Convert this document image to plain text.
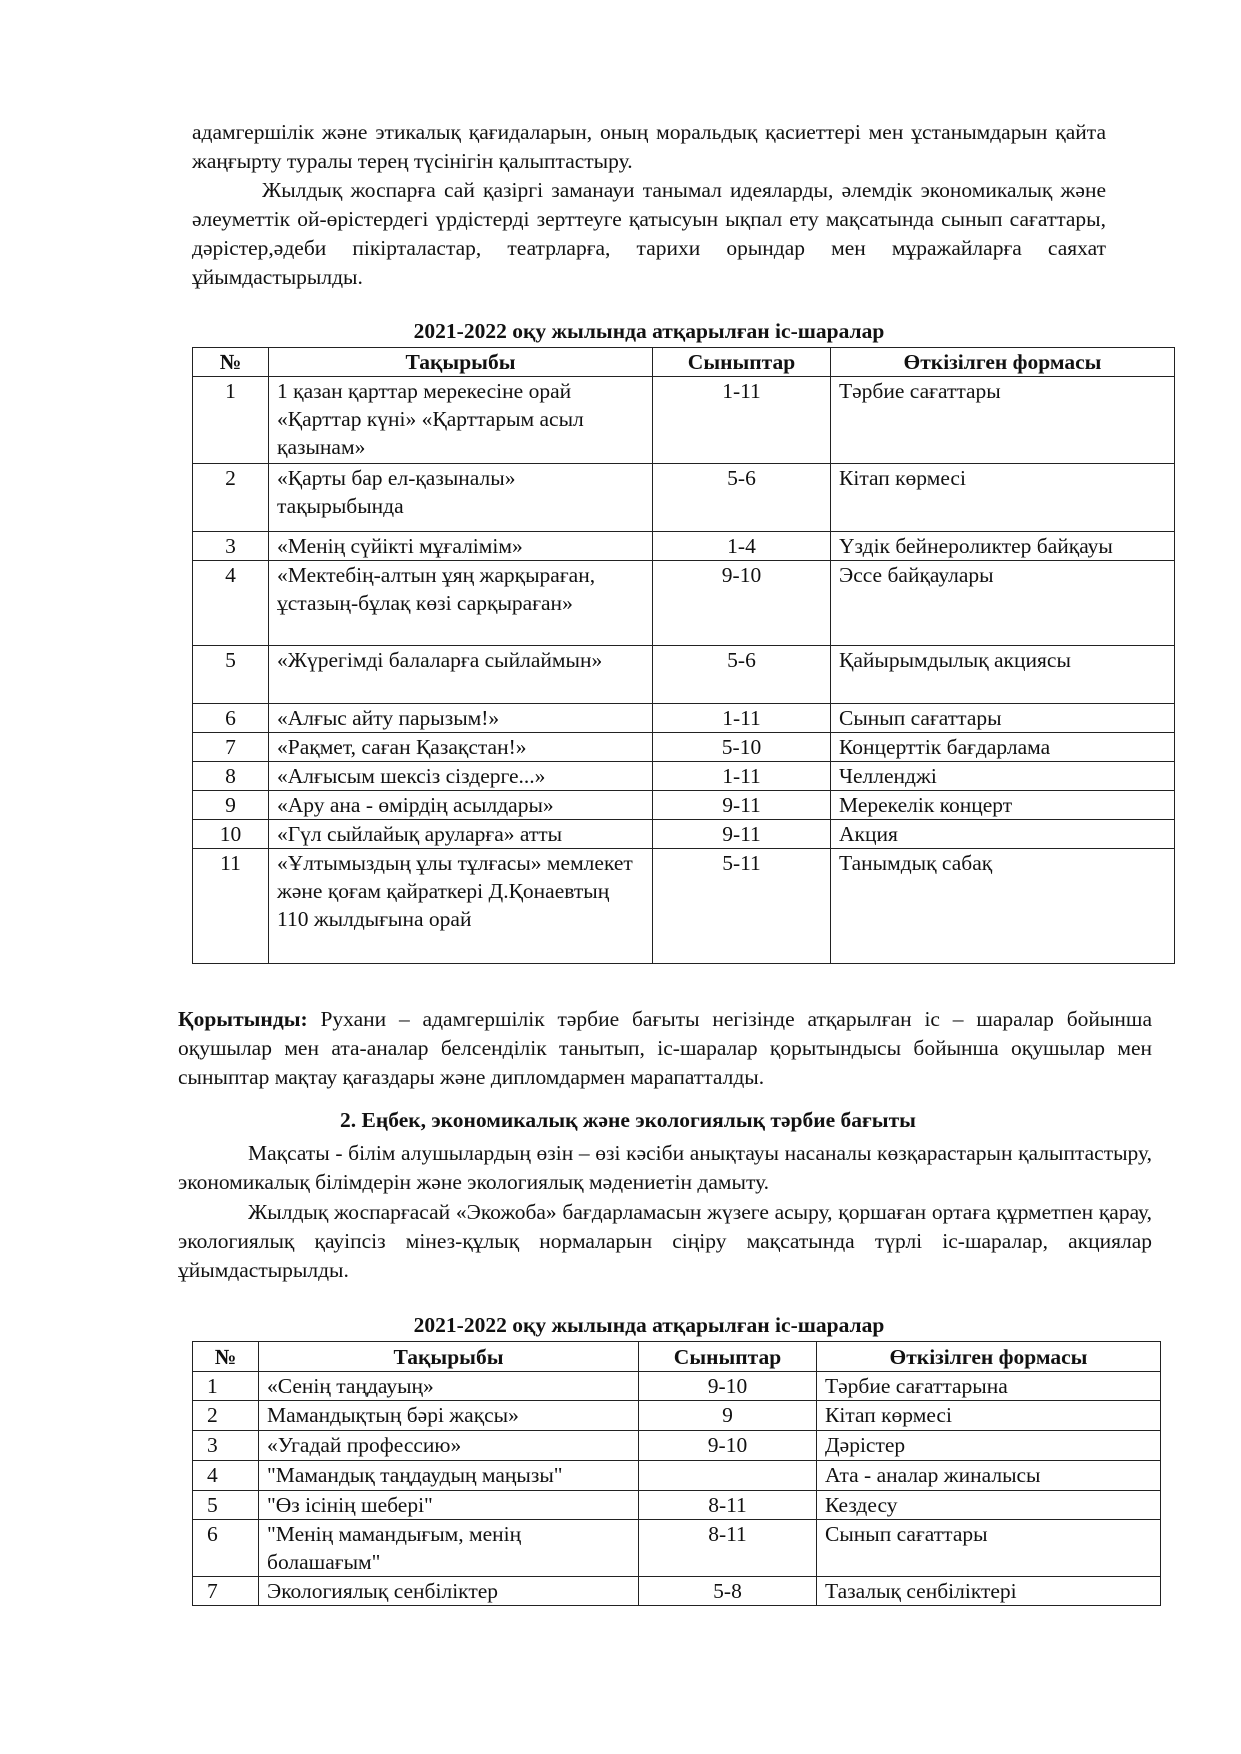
адамгершілік және этикалық қағидаларын, оның моральдық қасиеттері мен ұстанымдарын қайта жаңғырту туралы терең түсінігін қалыптастыру.

Жылдық жоспарға сай қазіргі заманауи танымал идеяларды, әлемдік экономикалық және әлеуметтік ой-өрістердегі үрдістерді зерттеуге қатысуын ықпал ету мақсатында сынып сағаттары, дәрістер,әдеби пікірталастар, театрларға, тарихи орындар мен мұражайларға саяхат ұйымдастырылды.

2021-2022 оқу жылында атқарылған іс-шаралар
№	Тақырыбы	Сыныптар	Өткізілген формасы
1	1 қазан қарттар мерекесіне орай «Қарттар күні» «Қарттарым асыл қазынам»	1-11	Тәрбие сағаттары
2	«Қарты бар ел-қазыналы» тақырыбында	5-6	Кітап көрмесі
3	«Менің сүйікті мұғалімім»	1-4	Үздік бейнероликтер байқауы
4	«Мектебің-алтын ұяң жарқыраған, ұстазың-бұлақ көзі сарқыраған»	9-10	Эссе байқаулары
5	«Жүрегімді балаларға сыйлаймын»	5-6	Қайырымдылық акциясы
6	«Алғыс айту парызым!»	1-11	Сынып сағаттары
7	«Рақмет, саған Қазақстан!»	5-10	Концерттік бағдарлама
8	«Алғысым шексіз сіздерге...»	1-11	Челленджі
9	«Ару ана - өмірдің асылдары»	9-11	Мерекелік концерт
10	«Гүл сыйлайық аруларға» атты	9-11	Акция
11	«Ұлтымыздың ұлы тұлғасы» мемлекет және қоғам қайраткері Д.Қонаевтың 110 жылдығына орай	5-11	Танымдық сабақ

Қорытынды: Рухани – адамгершілік тәрбие бағыты негізінде атқарылған іс – шаралар бойынша оқушылар мен ата-аналар белсенділік танытып, іс-шаралар қорытындысы бойынша оқушылар мен сыныптар мақтау қағаздары және дипломдармен марапатталды.

2. Еңбек, экономикалық және экологиялық тәрбие бағыты

Мақсаты - білім алушылардың өзін – өзі кәсіби анықтауы насаналы көзқарастарын қалыптастыру, экономикалық білімдерін және экологиялық мәдениетін дамыту.

Жылдық жоспарғасай «Экожоба» бағдарламасын жүзеге асыру, қоршаған ортаға құрметпен қарау, экологиялық қауіпсіз мінез-құлық нормаларын сіңіру мақсатында түрлі іс-шаралар, акциялар ұйымдастырылды.

2021-2022 оқу жылында атқарылған іс-шаралар
№	Тақырыбы	Сыныптар	Өткізілген формасы
1	«Сенің таңдауың»	9-10	Тәрбие сағаттарына
2	Мамандықтың бәрі жақсы»	9	Кітап көрмесі
3	«Угадай профессию»	9-10	Дәрістер
4	"Мамандық таңдаудың маңызы"		Ата - аналар жиналысы
5	"Өз ісінің шебері"	8-11	Кездесу
6	"Менің мамандығым, менің болашағым"	8-11	Сынып сағаттары
7	Экологиялық сенбіліктер	5-8	Тазалық сенбіліктері
